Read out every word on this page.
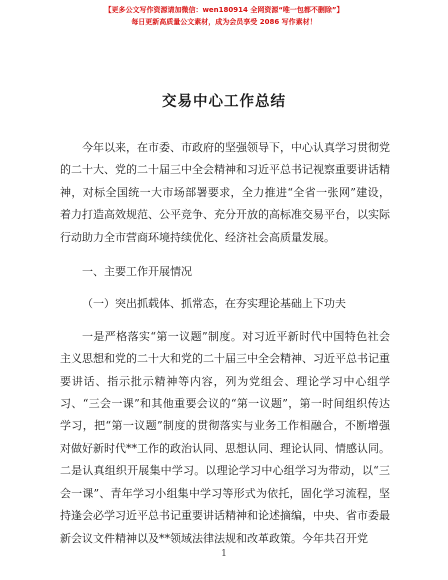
【更多公文写作资源请加微信：wen180914 全网资源“唯一包都不删除”】
每日更新高质量公文素材，成为会员享受 2086 写作素材！
交易中心工作总结

今年以来，在市委、市政府的坚强领导下，中心认真学习贯彻党的二十大、党的二十届三中全会精神和习近平总书记视察重要讲话精神，对标全国统一大市场部署要求，全力推进“全省一张网”建设，着力打造高效规范、公平竞争、充分开放的高标准交易平台，以实际行动助力全市营商环境持续优化、经济社会高质量发展。

一、主要工作开展情况

（一）突出抓载体、抓常态，在夯实理论基础上下功夫

一是严格落实“第一议题”制度。对习近平新时代中国特色社会主义思想和党的二十大和党的二十届三中全会精神、习近平总书记重要讲话、指示批示精神等内容，列为党组会、理论学习中心组学习、“三会一课”和其他重要会议的“第一议题”，第一时间组织传达学习，把“第一议题”制度的贯彻落实与业务工作相融合，不断增强对做好新时代**工作的政治认同、思想认同、理论认同、情感认同。二是认真组织开展集中学习。以理论学习中心组学习为带动，以“三会一课”、青年学习小组集中学习等形式为依托，固化学习流程，坚持逢会必学习近平总书记重要讲话精神和论述摘编，中央、省市委最新会议文件精神以及**领域法律法规和改革政策。今年共召开党

1
